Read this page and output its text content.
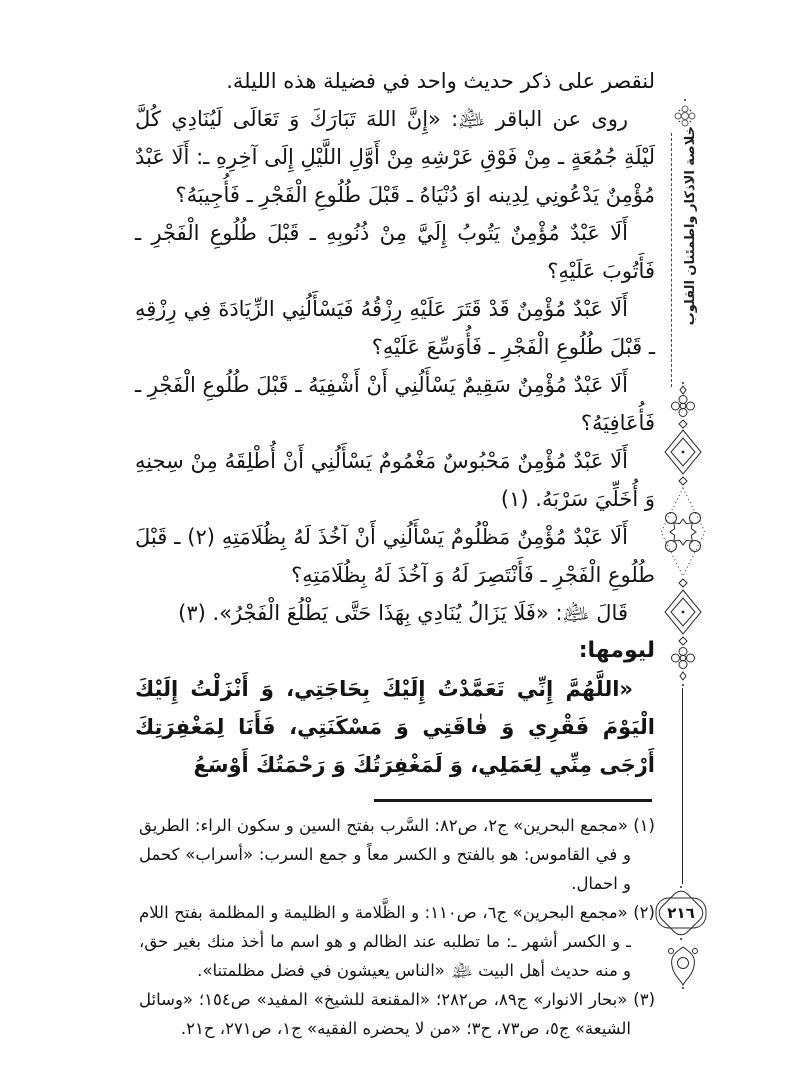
لنقصر على ذكر حديث واحد في فضيلة هذه الليلة.

روى عن الباقر ﵇: «إِنَّ اللهَ تَبَارَكَ وَ تَعَالَى لَيُنَادِي كُلَّ لَيْلَةِ جُمُعَةٍ ـ مِنْ فَوْقِ عَرْشِهِ مِنْ أَوَّلِ اللَّيْلِ إِلَى آخِرِهِ ـ: أَلَا عَبْدٌ مُؤْمِنٌ يَدْعُونِي لِدِينه اوَ دُنْيَاهُ ـ قَبْلَ طُلُوعِ الْفَجْرِ ـ فَأُجِيبَهُ؟

أَلَا عَبْدٌ مُؤْمِنٌ يَتُوبُ إِلَيَّ مِنْ ذُنُوبِهِ ـ قَبْلَ طُلُوعِ الْفَجْرِ ـ فَأَتُوبَ عَلَيْهِ؟

أَلَا عَبْدٌ مُؤْمِنٌ قَدْ قَتَرَ عَلَيْهِ رِزْقُهُ فَيَسْأَلُنِي الزِّيَادَةَ فِي رِزْقِهِ ـ قَبْلَ طُلُوعِ الْفَجْرِ ـ فَأُوَسِّعَ عَلَيْهِ؟

أَلَا عَبْدٌ مُؤْمِنٌ سَقِيمٌ يَسْأَلُنِي أَنْ أَشْفِيَهُ ـ قَبْلَ طُلُوعِ الْفَجْرِ ـ فَأُعَافِيَهُ؟

أَلَا عَبْدٌ مُؤْمِنٌ مَحْبُوسٌ مَغْمُومٌ يَسْأَلُنِي أَنْ أُطْلِقَهُ مِنْ سِجنِهِ وَ أُخَلِّيَ سَرْبَهُ. (١)

أَلَا عَبْدٌ مُؤْمِنٌ مَظْلُومٌ يَسْأَلُنِي أَنْ آخُذَ لَهُ بِظُلَامَتِهِ (٢) ـ قَبْلَ طُلُوعِ الْفَجْرِ ـ فَأَنْتَصِرَ لَهُ وَ آخُذَ لَهُ بِظُلَامَتِهِ؟

قَالَ ﵇: «فَلَا يَزَالُ يُنَادِي بِهَذَا حَتَّى يَطْلُعَ الْفَجْرُ». (٣)

ليومها:

«اللَّهُمَّ إِنِّي تَعَمَّدْتُ إِلَيْكَ بِحَاجَتِي، وَ أَنْزَلْتُ إِلَيْكَ الْيَوْمَ فَقْرِي وَ فٰاقَتِي وَ مَسْكَنَتِي، فَأَنَا لِمَغْفِرَتِكَ أَرْجَى مِنِّي لِعَمَلِي، وَ لَمَغْفِرَتُكَ وَ رَحْمَتُكَ أَوْسَعُ

(١) «مجمع البحرين» ج٢، ص٨٢: السَّرب بفتح السين و سكون الراء: الطريق و في القاموس: هو بالفتح و الكسر معاً و جمع السرب: «أسراب» كحمل و احمال.

(٢) «مجمع البحرين» ج٦، ص١١٠: و الظَّلامة و الظليمة و المظلمة بفتح اللام ـ و الكسر أشهر ـ: ما تطلبه عند الظالم و هو اسم ما أخذ منك بغير حق، و منه حديث أهل البيت ﵈ «الناس يعيشون في فضل مظلمتنا».

(٣) «بحار الانوار» ج٨٩، ص٢٨٢؛ «المقنعة للشيخ» المفيد» ص١٥٤؛ «وسائل الشيعة» ج٥، ص٧٣، ح٣؛ «من لا يحضره الفقيه» ج١، ص٢٧١، ح٢١.

خلاصة الاذكار واطمئنان القلوب
٢١٦
